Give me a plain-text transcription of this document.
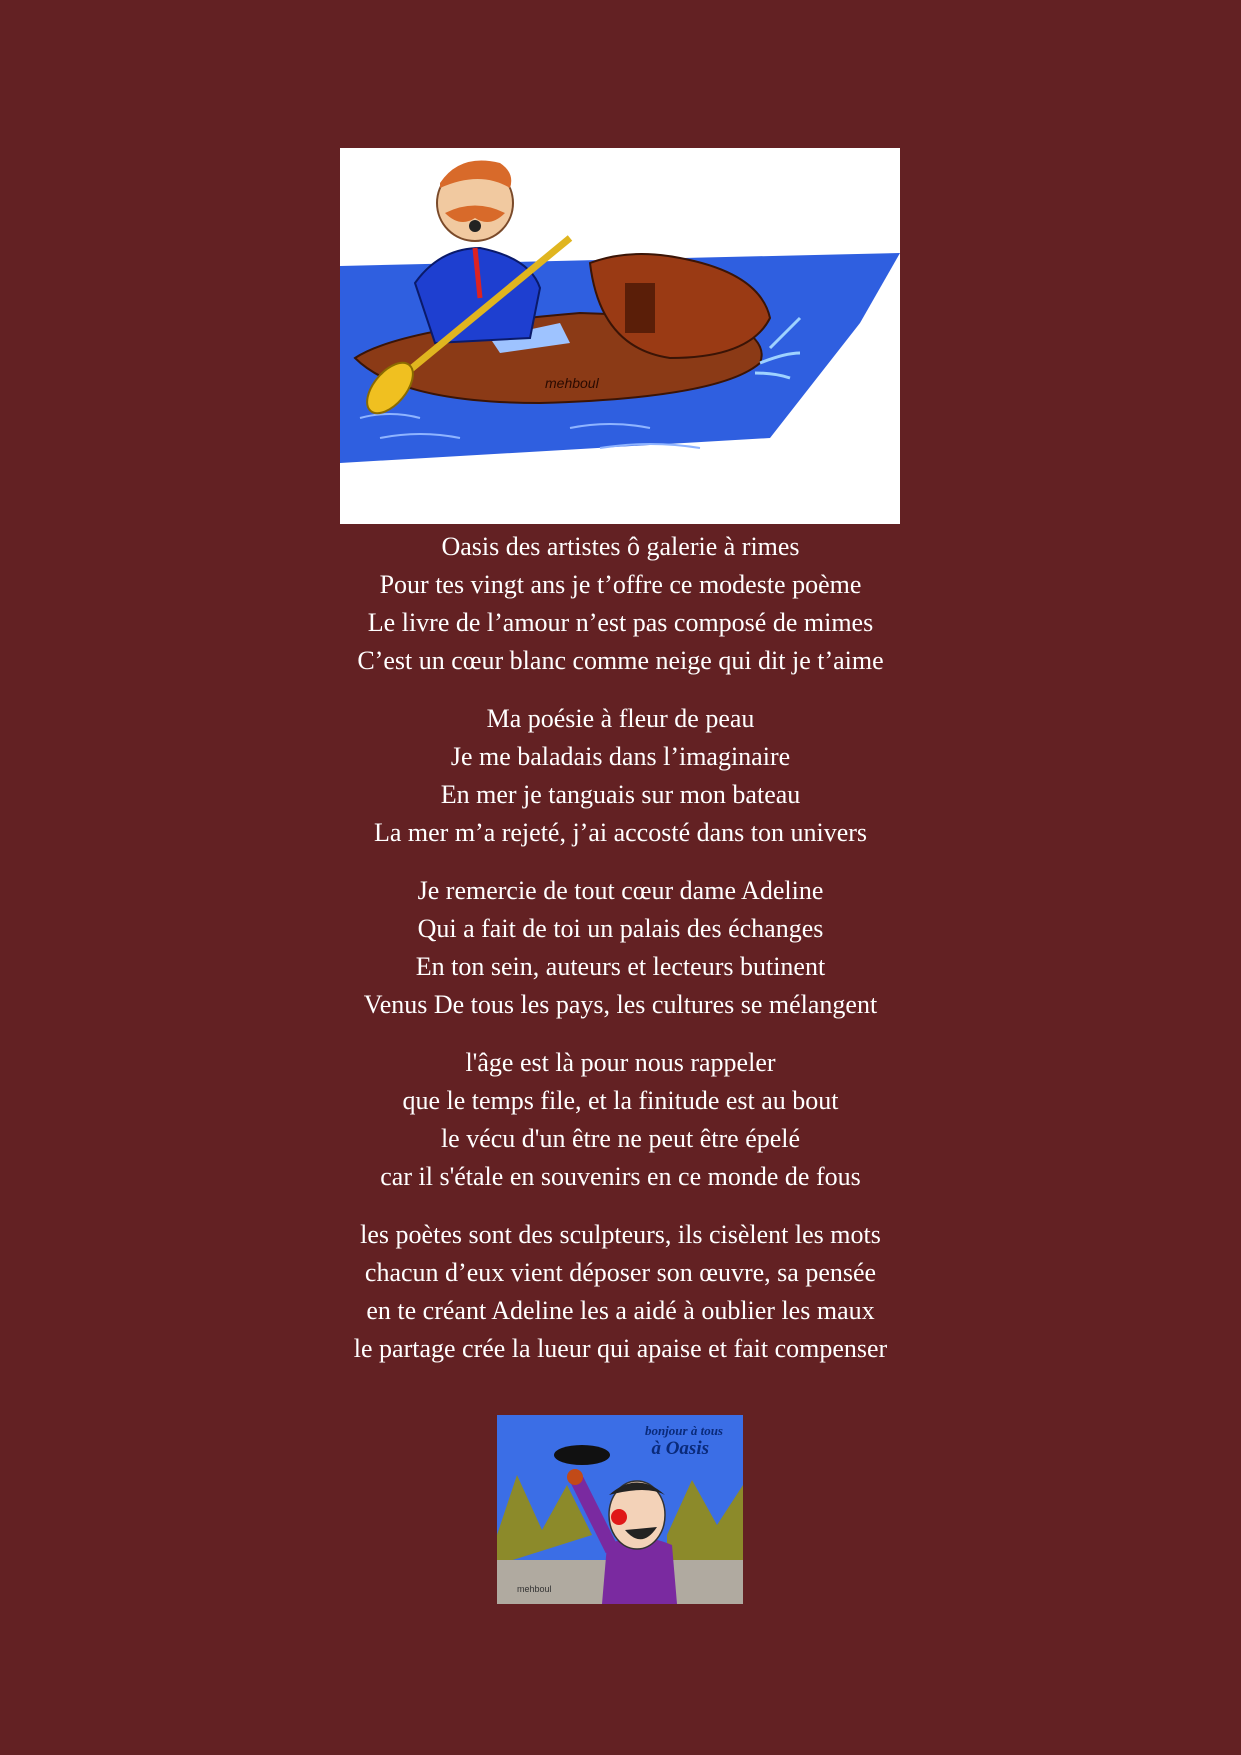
mehboul
Oasis des artistes ô galerie à rimes
Pour tes vingt ans je t’offre ce modeste poème
Le livre de l’amour n’est pas composé de mimes
C’est un cœur blanc comme neige qui dit je t’aime
Ma poésie à fleur de peau
Je me baladais dans l’imaginaire
En mer je tanguais sur mon bateau
La mer m’a rejeté, j’ai accosté dans ton univers
Je remercie de tout cœur dame Adeline
Qui a fait de toi un palais des échanges
En ton sein, auteurs et lecteurs butinent
Venus De tous les pays, les cultures se mélangent
l'âge est là pour nous rappeler
que le temps file, et la finitude est au bout
le vécu d'un être ne peut être épelé
car il s'étale en souvenirs en ce monde de fous
les poètes sont des sculpteurs, ils cisèlent les mots
chacun d’eux vient déposer son œuvre, sa pensée
en te créant Adeline les a aidé à oublier les maux
le partage crée la lueur qui apaise et fait compenser
bonjour à tous
à Oasis
mehboul
